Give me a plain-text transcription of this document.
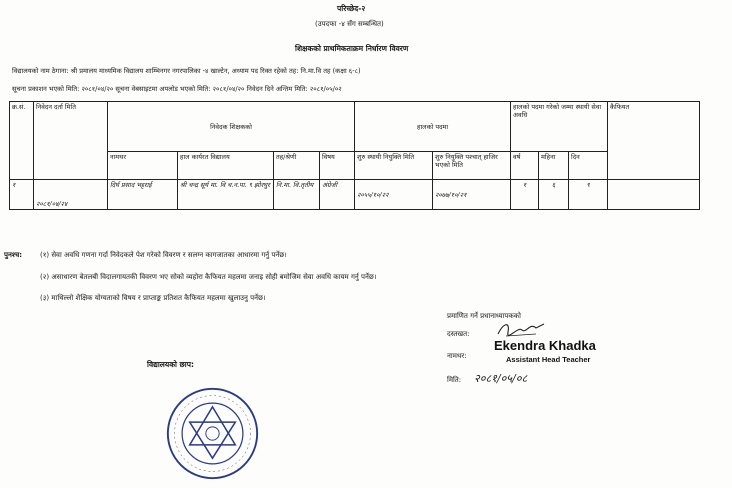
परिच्छेद-२
(उपदफा -४ सँग सम्बन्धित)
शिक्षकको प्राथमिकताक्रम निर्धारण विवरण
विद्यालयको नाम ठेगाना: श्री प्रमालय माध्यमिक विद्यालय शाम्भिनगर नगरपालिका -४ खाल्टेन, अध्याम पद रिक्त रहेको तह: नि.मा.वि तह (कक्षा ६-८)
सूचना प्रकाशन भएको मिति: २०८१/०४/२० सूचना वेबसाइटमा अपलोड भएको मिति: २०८१/०४/२० निवेदन दिने अन्तिम मिति: २०८१/०५/०२
क्र.सं.	निवेदन दर्ता मिति	निवेदक शिक्षकको				हालको पदमा		हालको पदमा गरेको जम्मा स्थायी सेवा अवधि			कैफियत
		नामथर	हाल कार्यरत विद्यालय	तह/श्रेणी	विषय	शुरु स्थायी नियुक्ति मिति	शुरु नियुक्ति पश्चात् हाजिर भएको मिति	वर्ष	महिना	दिन	
१	२०८१/०४/२४	दिर्घ प्रसाद भट्टराई	श्री चन्द्र सूर्य मा. वि च.न.पा. ९ झोरघुर	नि.मा. वि.तृतीय	अंग्रेजी	२०५५/१०/२२	२०७७/१०/२१	१	६	९	
पुनश्च:	(१) सेवा अवधि गणना गर्दा निवेदकले पेश गरेको विवरण र सलग्न कागजातका आधारमा गर्नु पर्नेछ।
(२) असाधारण बेतलबी विदालगायतकी विवरण भए सोको व्यहोरा कैफियत महलमा जनाइ सोही बमोजिम सेवा अवधि कायम गर्नु पर्नेछ।
(३) माथिल्लो शैक्षिक योग्यताको विषय र प्राप्ताङ्क प्रतिशत कैफियत महलमा खुलाउनु पर्नेछ।
प्रमाणित गर्ने प्रधानाध्यापकको
दस्तखत:
नामथर:
Ekendra Khadka
Assistant Head Teacher
मिति: २०८१/०५/०८
विद्यालयको छाप:
